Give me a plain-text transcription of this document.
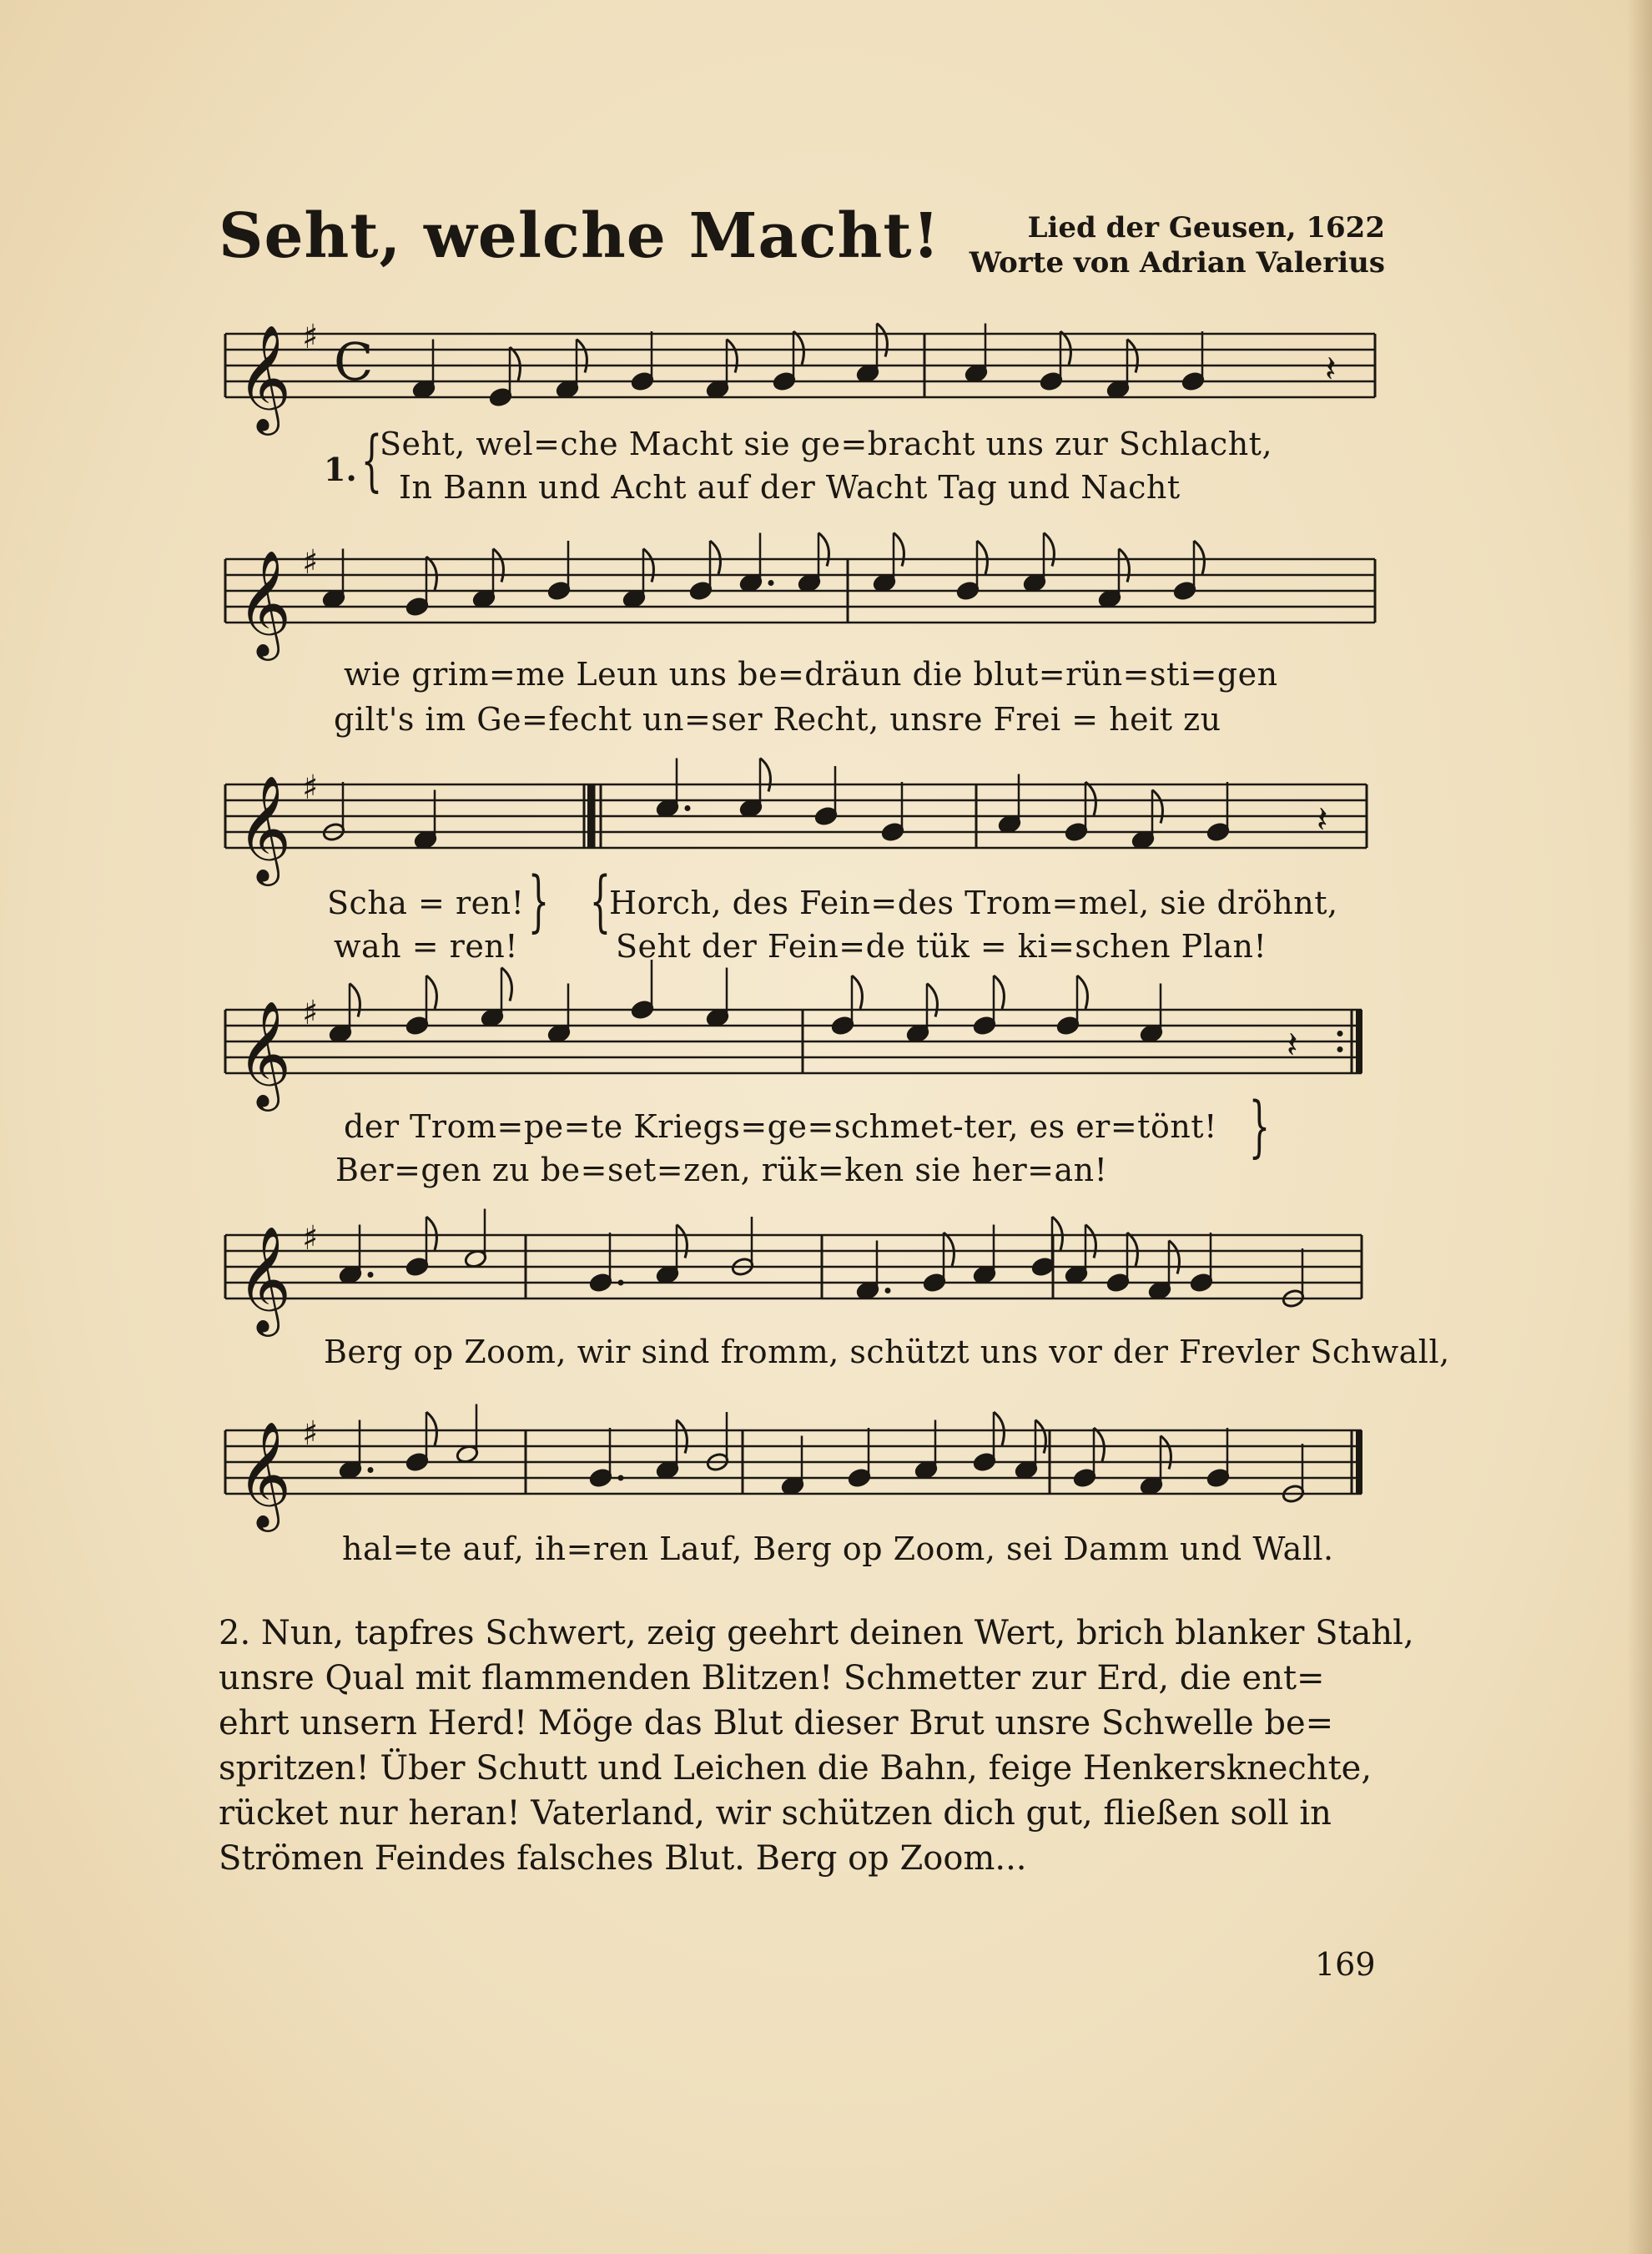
Seht, welche Macht!	Lied der Geusen, 1622
Worte von Adrian Valerius
𝄞 ♯ C	𝄽
𝄞 ♯
𝄞 ♯
𝄽
𝄞 ♯
𝄽
𝄞 ♯
𝄞 ♯
1. {
Seht, wel=che Macht sie ge=bracht uns zur Schlacht,
In Bann und Acht auf der Wacht Tag und Nacht
wie grim=me Leun uns be=dräun die blut=rün=sti=gen
gilt's im Ge=fecht un=ser Recht, unsre Frei = heit zu
Scha = ren!
wah = ren!
} {
Horch, des Fein=des Trom=mel, sie dröhnt,
Seht der Fein=de tük = ki=schen Plan!
der Trom=pe=te Kriegs=ge=schmet-ter, es er=tönt!
Ber=gen zu be=set=zen, rük=ken sie her=an!
}
Berg op Zoom, wir sind fromm, schützt uns vor der Frevler Schwall,
hal=te auf, ih=ren Lauf, Berg op Zoom, sei Damm und Wall.

2. Nun, tapfres Schwert, zeig geehrt deinen Wert, brich blanker Stahl,

unsre Qual mit flammenden Blitzen! Schmetter zur Erd, die ent=

ehrt unsern Herd! Möge das Blut dieser Brut unsre Schwelle be=

spritzen! Über Schutt und Leichen die Bahn, feige Henkersknechte,

rücket nur heran! Vaterland, wir schützen dich gut, fließen soll in

Strömen Feindes falsches Blut. Berg op Zoom...

169
